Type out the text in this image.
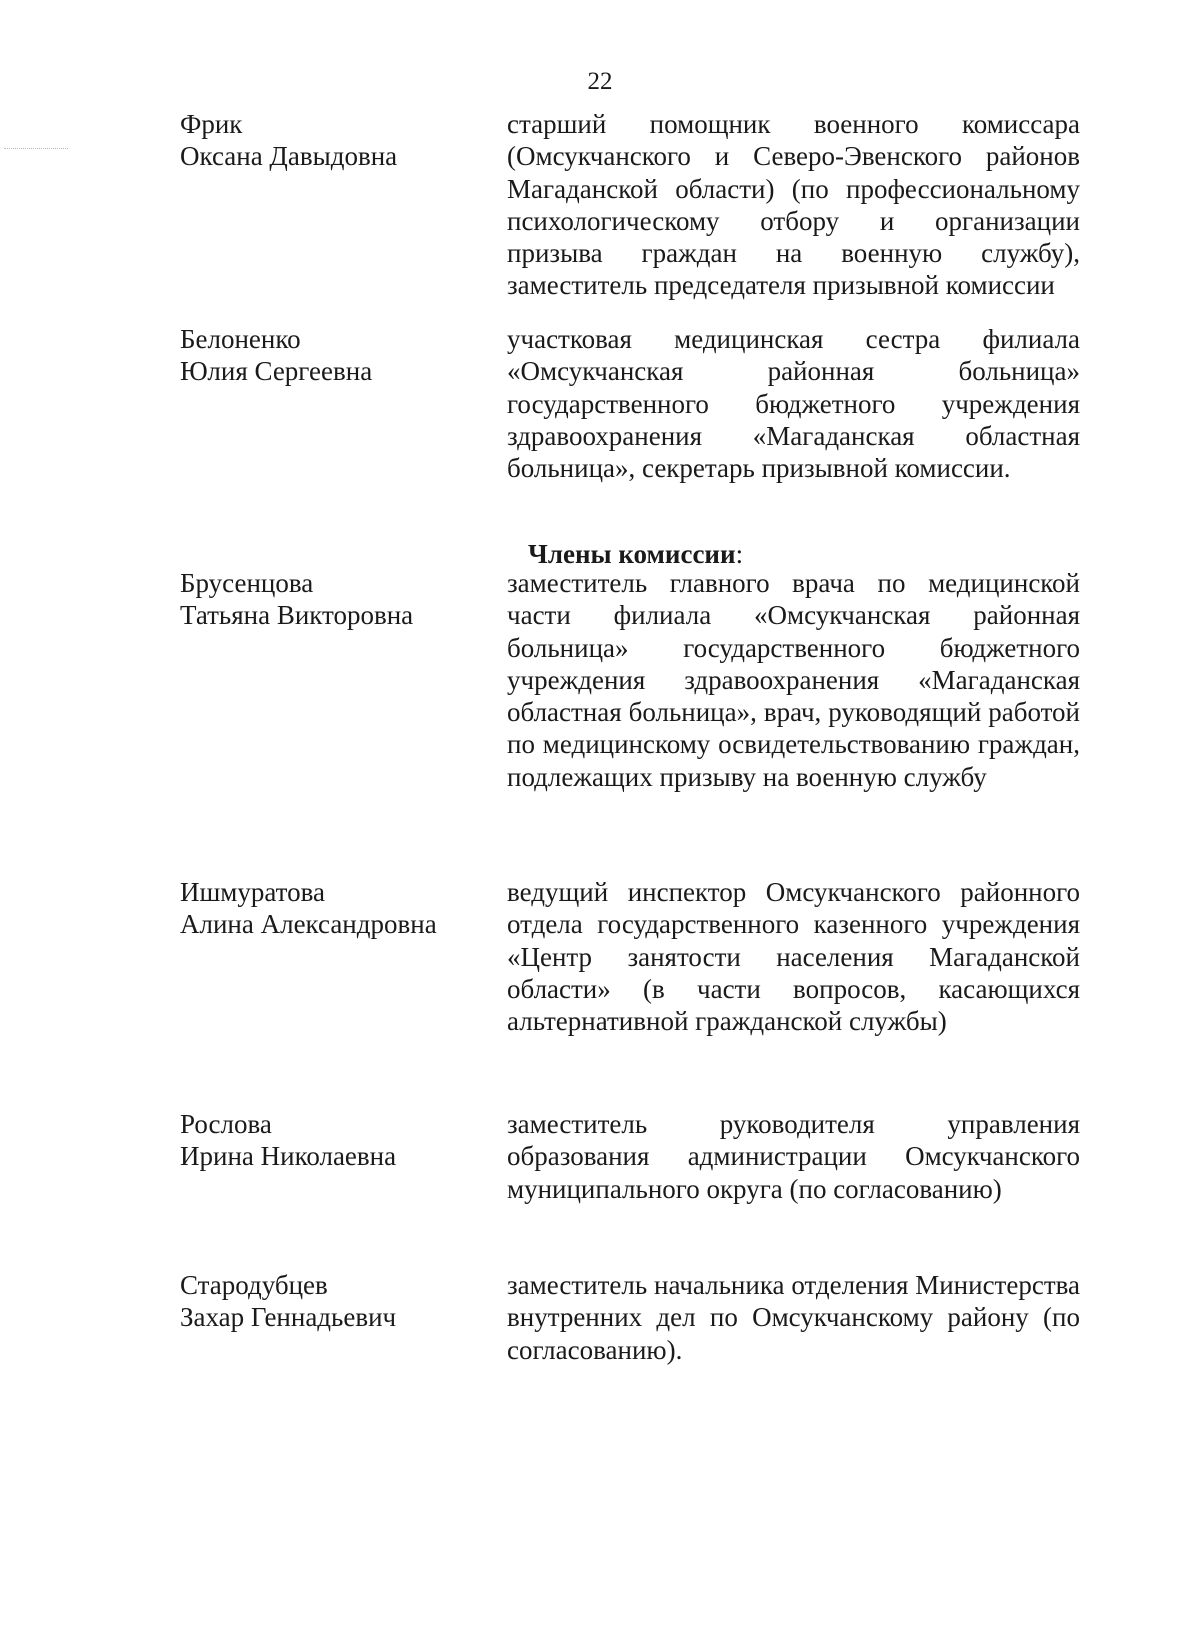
22
Фрик
Оксана Давыдовна
старший помощник военного комиссара (Омсукчанского и Северо-Эвенского районов Магаданской области) (по профессиональному психологическому отбору и организации призыва граждан на военную службу), заместитель председателя призывной комиссии
Белоненко
Юлия Сергеевна
участковая медицинская сестра филиала «Омсукчанская районная больница» государственного бюджетного учреждения здравоохранения «Магаданская областная больница», секретарь призывной комиссии.
Члены комиссии:
Брусенцова
Татьяна Викторовна
заместитель главного врача по медицинской части филиала «Омсукчанская районная больница» государственного бюджетного учреждения здравоохранения «Магаданская областная больница», врач, руководящий работой по медицинскому освидетельствованию граждан, подлежащих призыву на военную службу
Ишмуратова
Алина Александровна
ведущий инспектор Омсукчанского районного отдела государственного казенного учреждения «Центр занятости населения Магаданской области» (в части вопросов, касающихся альтернативной гражданской службы)
Рослова
Ирина Николаевна
заместитель руководителя управления образования администрации Омсукчанского муниципального округа (по согласованию)
Стародубцев
Захар Геннадьевич
заместитель начальника отделения Министерства внутренних дел по Омсукчанскому району (по согласованию).
